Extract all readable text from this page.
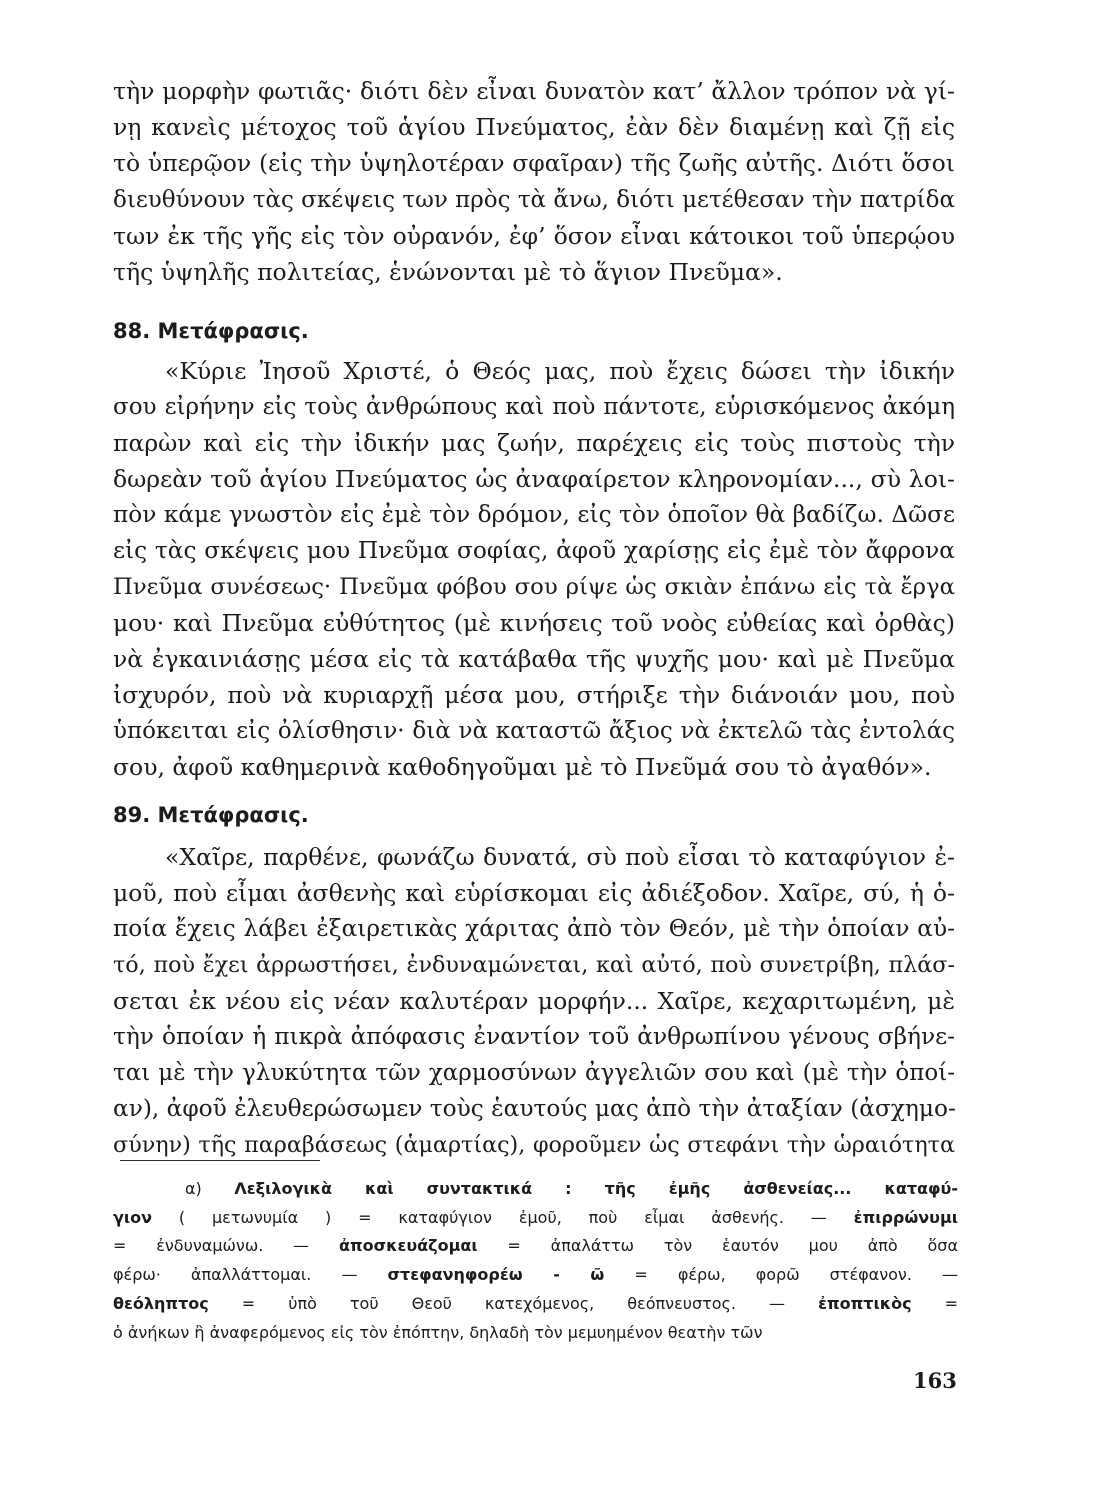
τὴν μορφὴν φωτιᾶς· διότι δὲν εἶναι δυνατὸν κατ’ ἄλλον τρόπον νὰ γί-
νῃ κανεὶς μέτοχος τοῦ ἁγίου Πνεύματος, ἐὰν δὲν διαμένῃ καὶ ζῇ εἰς
τὸ ὑπερῷον (εἰς τὴν ὑψηλοτέραν σφαῖραν) τῆς ζωῆς αὐτῆς. Διότι ὅσοι
διευθύνουν τὰς σκέψεις των πρὸς τὰ ἄνω, διότι μετέθεσαν τὴν πατρίδα
των ἐκ τῆς γῆς εἰς τὸν οὐρανόν, ἐφ’ ὅσον εἶναι κάτοικοι τοῦ ὑπερῴου
τῆς ὑψηλῆς πολιτείας, ἑνώνονται μὲ τὸ ἅγιον Πνεῦμα».
88. Μετάφρασις.
«Κύριε Ἰησοῦ Χριστέ, ὁ Θεός μας, ποὺ ἔχεις δώσει τὴν ἰδικήν
σου εἰρήνην εἰς τοὺς ἀνθρώπους καὶ ποὺ πάντοτε, εὑρισκόμενος ἀκόμη
παρὼν καὶ εἰς τὴν ἰδικήν μας ζωήν, παρέχεις εἰς τοὺς πιστοὺς τὴν
δωρεὰν τοῦ ἁγίου Πνεύματος ὡς ἀναφαίρετον κληρονομίαν..., σὺ λοι-
πὸν κάμε γνωστὸν εἰς ἐμὲ τὸν δρόμον, εἰς τὸν ὁποῖον θὰ βαδίζω. Δῶσε
εἰς τὰς σκέψεις μου Πνεῦμα σοφίας, ἀφοῦ χαρίσῃς εἰς ἐμὲ τὸν ἄφρονα
Πνεῦμα συνέσεως· Πνεῦμα φόβου σου ρίψε ὡς σκιὰν ἐπάνω εἰς τὰ ἔργα
μου· καὶ Πνεῦμα εὐθύτητος (μὲ κινήσεις τοῦ νοὸς εὐθείας καὶ ὀρθὰς)
νὰ ἐγκαινιάσῃς μέσα εἰς τὰ κατάβαθα τῆς ψυχῆς μου· καὶ μὲ Πνεῦμα
ἰσχυρόν, ποὺ νὰ κυριαρχῇ μέσα μου, στήριξε τὴν διάνοιάν μου, ποὺ
ὑπόκειται εἰς ὀλίσθησιν· διὰ νὰ καταστῶ ἄξιος νὰ ἐκτελῶ τὰς ἐντολάς
σου, ἀφοῦ καθημερινὰ καθοδηγοῦμαι μὲ τὸ Πνεῦμά σου τὸ ἀγαθόν».
89. Μετάφρασις.
«Χαῖρε, παρθένε, φωνάζω δυνατά, σὺ ποὺ εἶσαι τὸ καταφύγιον ἐ-
μοῦ, ποὺ εἶμαι ἀσθενὴς καὶ εὑρίσκομαι εἰς ἀδιέξοδον. Χαῖρε, σύ, ἡ ὁ-
ποία ἔχεις λάβει ἐξαιρετικὰς χάριτας ἀπὸ τὸν Θεόν, μὲ τὴν ὁποίαν αὐ-
τό, ποὺ ἔχει ἀρρωστήσει, ἐνδυναμώνεται, καὶ αὐτό, ποὺ συνετρίβη, πλάσ-
σεται ἐκ νέου εἰς νέαν καλυτέραν μορφήν... Χαῖρε, κεχαριτωμένη, μὲ
τὴν ὁποίαν ἡ πικρὰ ἀπόφασις ἐναντίον τοῦ ἀνθρωπίνου γένους σβήνε-
ται μὲ τὴν γλυκύτητα τῶν χαρμοσύνων ἀγγελιῶν σου καὶ (μὲ τὴν ὁποί-
αν), ἀφοῦ ἐλευθερώσωμεν τοὺς ἑαυτούς μας ἀπὸ τὴν ἀταξίαν (ἀσχημο-
σύνην) τῆς παραβάσεως (ἁμαρτίας), φοροῦμεν ὡς στεφάνι τὴν ὡραιότητα
α) Λεξιλογικὰ καὶ συντακτικά : τῆς ἐμῆς ἀσθενείας... καταφύ-
γιον ( μετωνυμία ) = καταφύγιον ἐμοῦ, ποὺ εἶμαι ἀσθενής. — ἐπιρρώνυμι
= ἐνδυναμώνω. — ἀποσκευάζομαι = ἀπαλάττω τὸν ἑαυτόν μου ἀπὸ ὅσα
φέρω· ἀπαλλάττομαι. — στεφανηφορέω - ῶ = φέρω, φορῶ στέφανον. —
θεόληπτος = ὑπὸ τοῦ Θεοῦ κατεχόμενος, θεόπνευστος. — ἐποπτικὸς =
ὁ ἀνήκων ἢ ἀναφερόμενος εἰς τὸν ἐπόπτην, δηλαδὴ τὸν μεμυημένον θεατὴν τῶν
163
